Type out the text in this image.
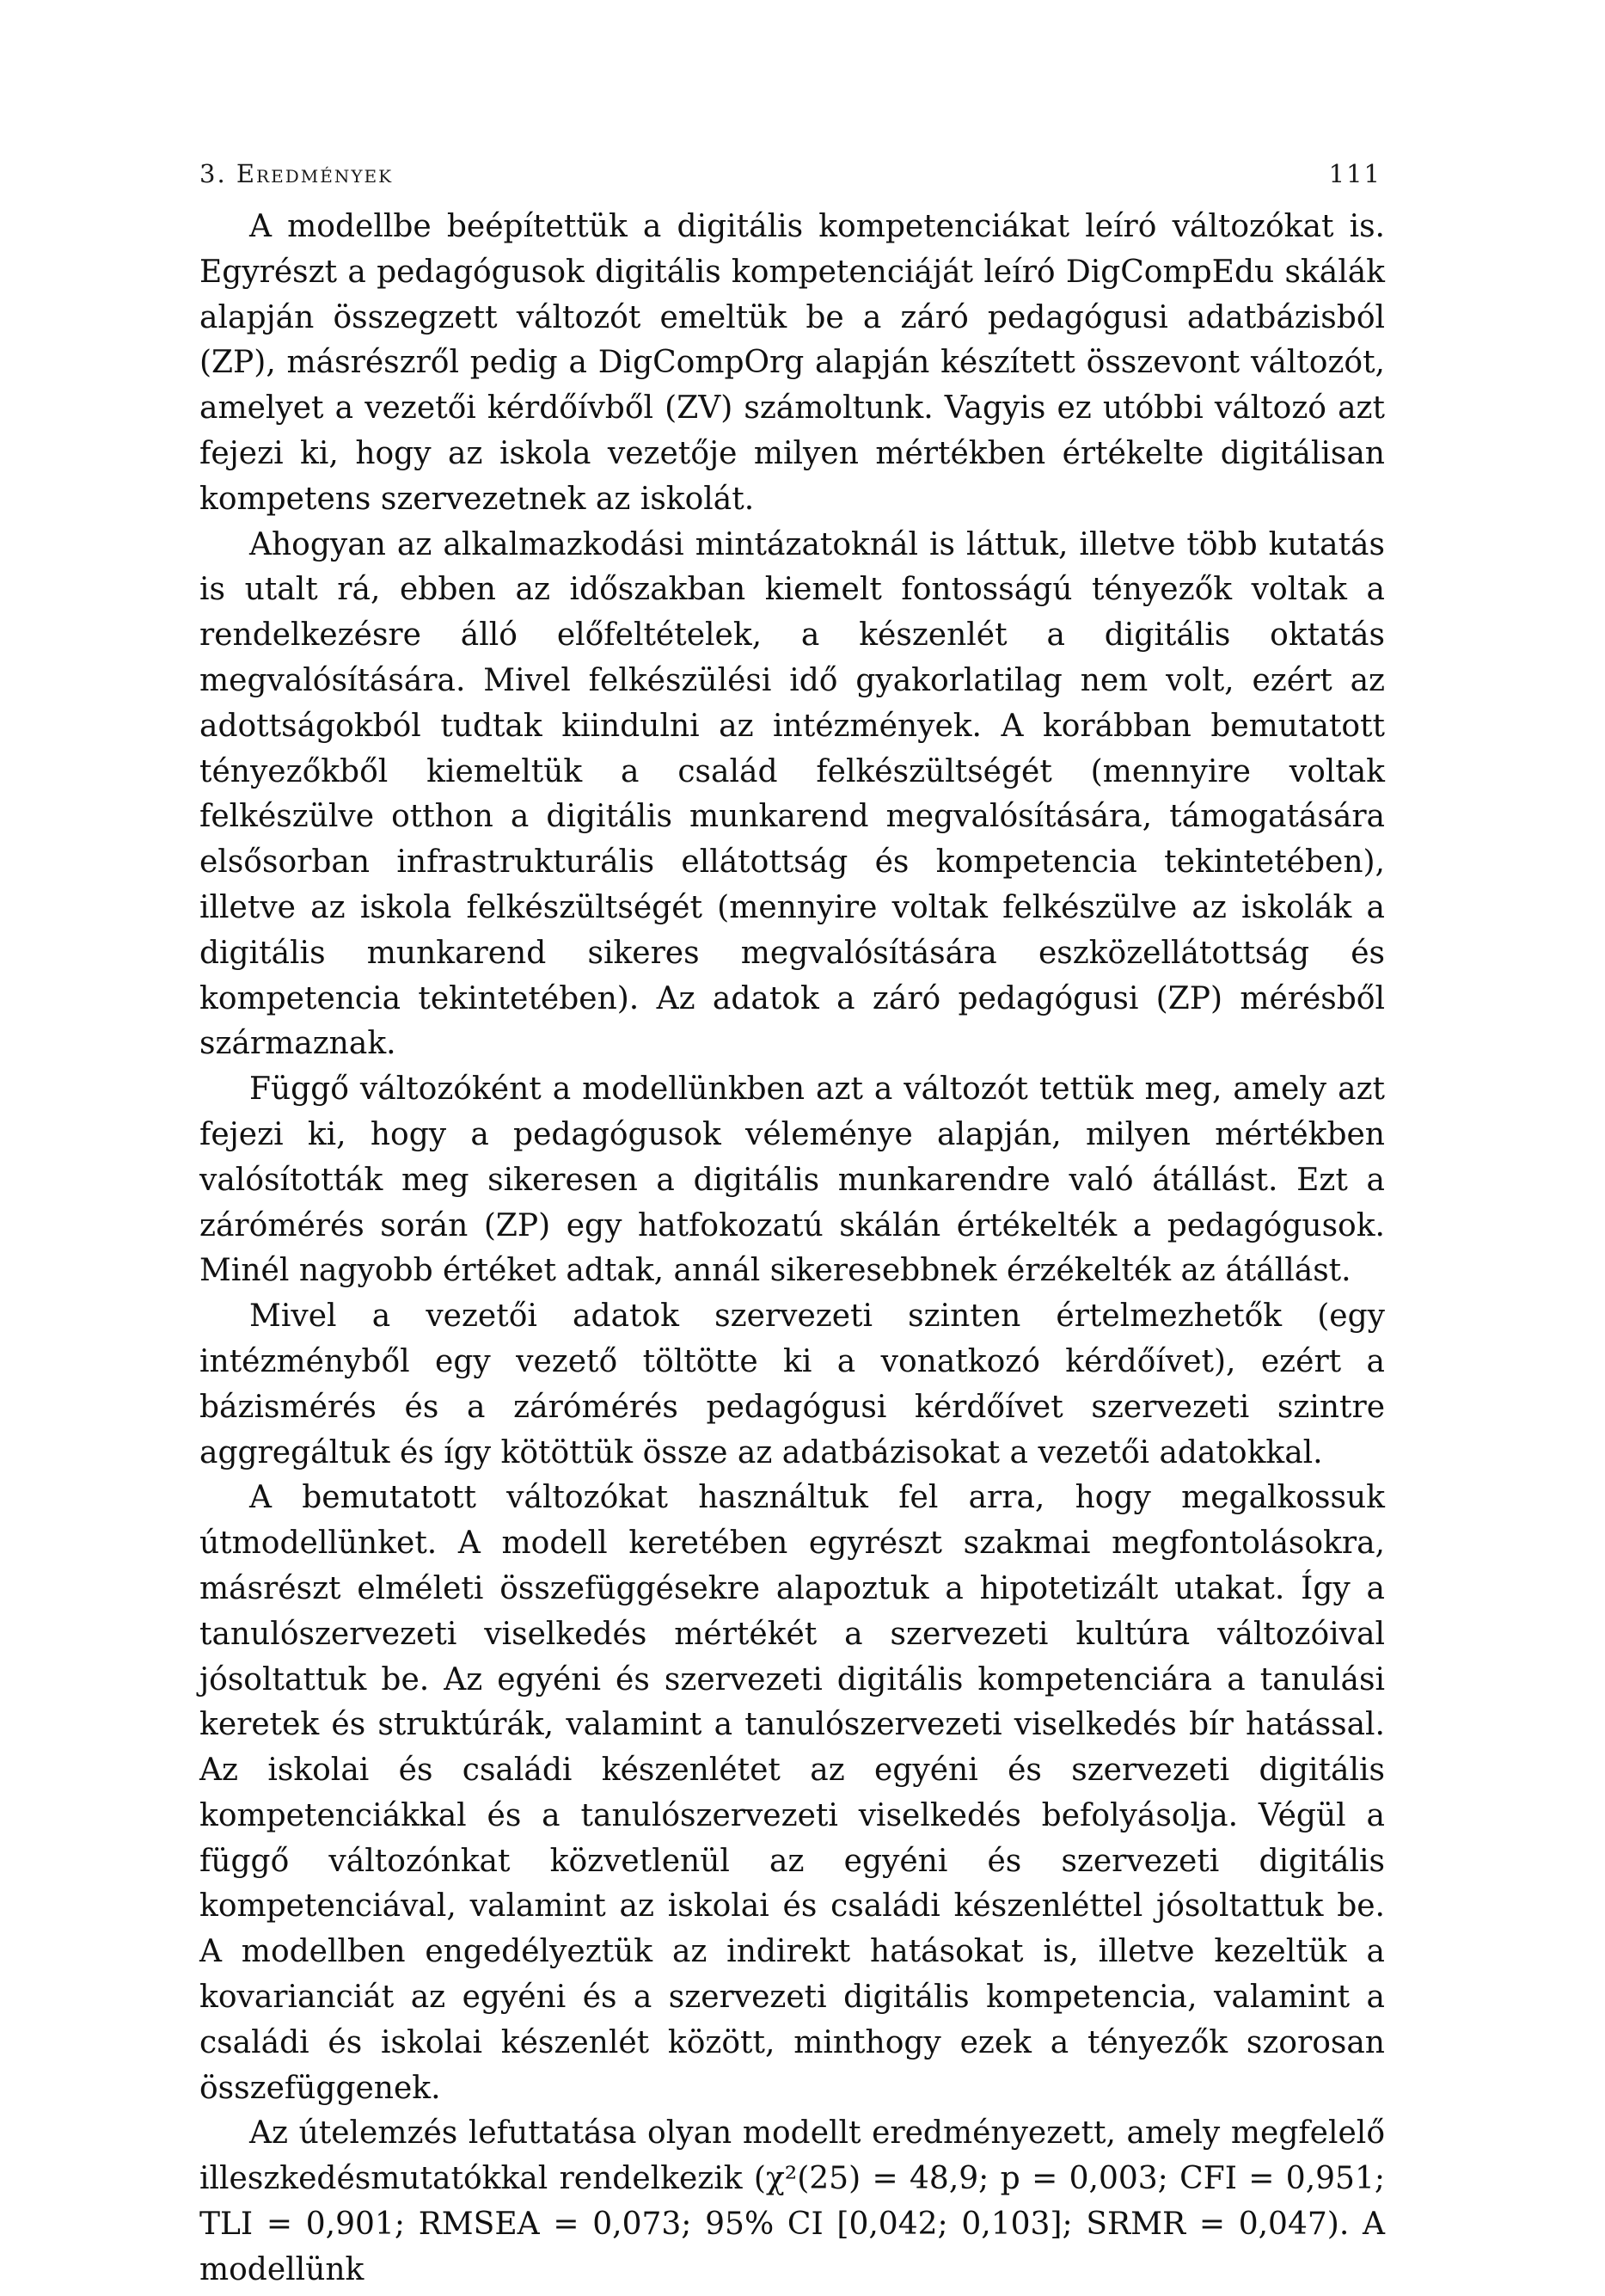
3. Eredmények	111

A modellbe beépítettük a digitális kompetenciákat leíró változókat is. Egyrészt a pedagógusok digitális kompetenciáját leíró DigCompEdu skálák alapján összegzett változót emeltük be a záró pedagógusi adatbázisból (ZP), másrészről pedig a DigCompOrg alapján készített összevont változót, amelyet a vezetői kérdőívből (ZV) számoltunk. Vagyis ez utóbbi változó azt fejezi ki, hogy az iskola vezetője milyen mértékben értékelte digitálisan kompetens szervezetnek az iskolát.

Ahogyan az alkalmazkodási mintázatoknál is láttuk, illetve több kutatás is utalt rá, ebben az időszakban kiemelt fontosságú tényezők voltak a rendelkezésre álló előfeltételek, a készenlét a digitális oktatás megvalósítására. Mivel felkészülési idő gyakorlatilag nem volt, ezért az adottságokból tudtak kiindulni az intézmények. A korábban bemutatott tényezőkből kiemeltük a család felkészültségét (mennyire voltak felkészülve otthon a digitális munkarend megvalósítására, támogatására elsősorban infrastrukturális ellátottság és kompetencia tekintetében), illetve az iskola felkészültségét (mennyire voltak felkészülve az iskolák a digitális munkarend sikeres megvalósítására eszközellátottság és kompetencia tekintetében). Az adatok a záró pedagógusi (ZP) mérésből származnak.

Függő változóként a modellünkben azt a változót tettük meg, amely azt fejezi ki, hogy a pedagógusok véleménye alapján, milyen mértékben valósították meg sikeresen a digitális munkarendre való átállást. Ezt a zárómérés során (ZP) egy hatfokozatú skálán értékelték a pedagógusok. Minél nagyobb értéket adtak, annál sikeresebbnek érzékelték az átállást.

Mivel a vezetői adatok szervezeti szinten értelmezhetők (egy intézményből egy vezető töltötte ki a vonatkozó kérdőívet), ezért a bázismérés és a zárómérés pedagógusi kérdőívet szervezeti szintre aggregáltuk és így kötöttük össze az adatbázisokat a vezetői adatokkal.

A bemutatott változókat használtuk fel arra, hogy megalkossuk útmodellünket. A modell keretében egyrészt szakmai megfontolásokra, másrészt elméleti összefüggésekre alapoztuk a hipotetizált utakat. Így a tanulószervezeti viselkedés mértékét a szervezeti kultúra változóival jósoltattuk be. Az egyéni és szervezeti digitális kompetenciára a tanulási keretek és struktúrák, valamint a tanulószervezeti viselkedés bír hatással. Az iskolai és családi készenlétet az egyéni és szervezeti digitális kompetenciákkal és a tanulószervezeti viselkedés befolyásolja. Végül a függő változónkat közvetlenül az egyéni és szervezeti digitális kompetenciával, valamint az iskolai és családi készenléttel jósoltattuk be. A modellben engedélyeztük az indirekt hatásokat is, illetve kezeltük a kovarianciát az egyéni és a szervezeti digitális kompetencia, valamint a családi és iskolai készenlét között, minthogy ezek a tényezők szorosan összefüggenek.

Az útelemzés lefuttatása olyan modellt eredményezett, amely megfelelő illeszkedésmutatókkal rendelkezik (χ²(25) = 48,9; p = 0,003; CFI = 0,951; TLI = 0,901; RMSEA = 0,073; 95% CI [0,042; 0,103]; SRMR = 0,047). A modellünk
